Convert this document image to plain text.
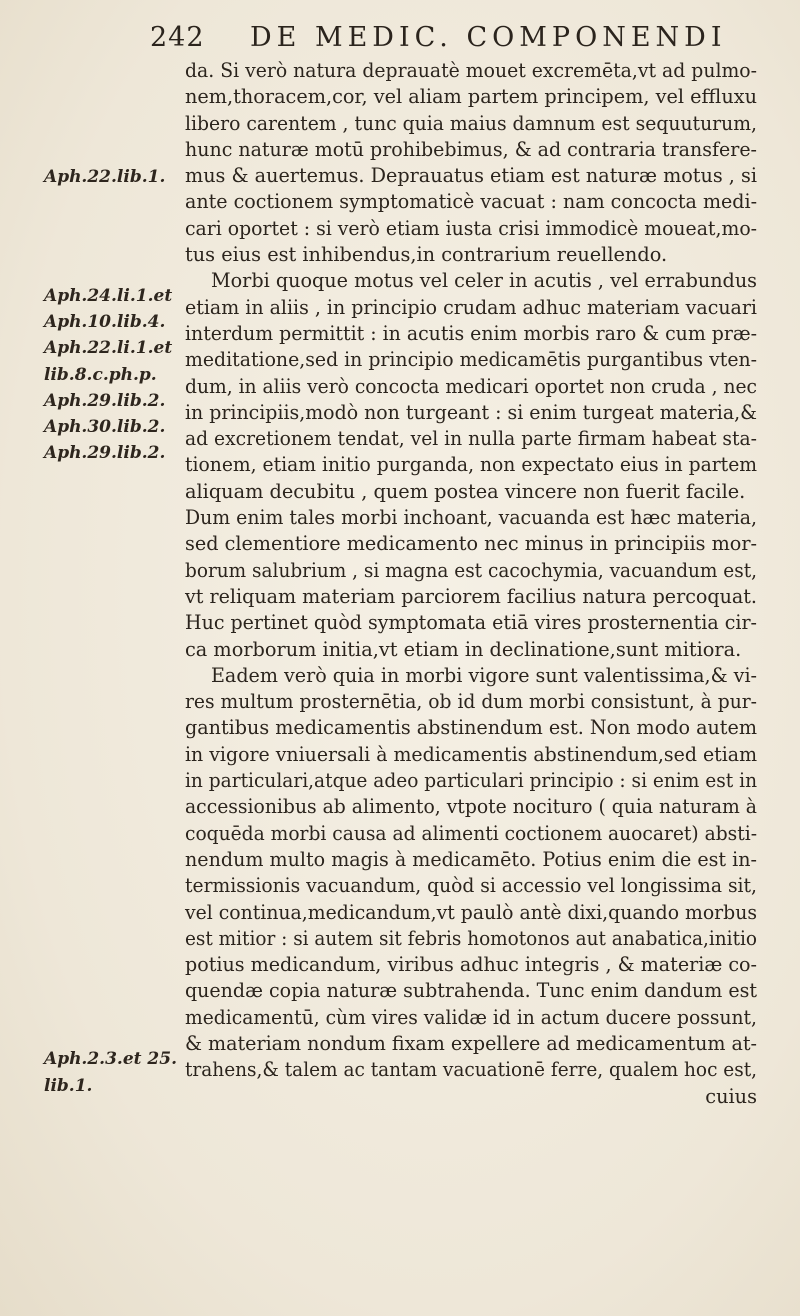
242 DE MEDIC. COMPONENDI
Aph.22.lib.1.
Aph.24.li.1.et
Aph.10.lib.4.
Aph.22.li.1.et
lib.8.c.ph.p.
Aph.29.lib.2.
Aph.30.lib.2.
Aph.29.lib.2.
Aph.2.3.et 25.
lib.1.
da. Si verò natura deprauatè mouet excremēta,vt ad pulmo-
nem,thoracem,cor, vel aliam partem principem, vel effluxu
libero carentem , tunc quia maius damnum est sequuturum,
hunc naturæ motū prohibebimus, & ad contraria transfere-
mus & auertemus. Deprauatus etiam est naturæ motus , si
ante coctionem symptomaticè vacuat : nam concocta medi-
cari oportet : si verò etiam iusta crisi immodicè moueat,mo-
tus eius est inhibendus,in contrarium reuellendo.
Morbi quoque motus vel celer in acutis , vel errabundus
etiam in aliis , in principio crudam adhuc materiam vacuari
interdum permittit : in acutis enim morbis raro & cum præ-
meditatione,sed in principio medicamētis purgantibus vten-
dum, in aliis verò concocta medicari oportet non cruda , nec
in principiis,modò non turgeant : si enim turgeat materia,&
ad excretionem tendat, vel in nulla parte firmam habeat sta-
tionem, etiam initio purganda, non expectato eius in partem
aliquam decubitu , quem postea vincere non fuerit facile.
Dum enim tales morbi inchoant, vacuanda est hæc materia,
sed clementiore medicamento nec minus in principiis mor-
borum salubrium , si magna est cacochymia, vacuandum est,
vt reliquam materiam parciorem facilius natura percoquat.
Huc pertinet quòd symptomata etiā vires prosternentia cir-
ca morborum initia,vt etiam in declinatione,sunt mitiora.
Eadem verò quia in morbi vigore sunt valentissima,& vi-
res multum prosternētia, ob id dum morbi consistunt, à pur-
gantibus medicamentis abstinendum est. Non modo autem
in vigore vniuersali à medicamentis abstinendum,sed etiam
in particulari,atque adeo particulari principio : si enim est in
accessionibus ab alimento, vtpote nocituro ( quia naturam à
coquēda morbi causa ad alimenti coctionem auocaret) absti-
nendum multo magis à medicamēto. Potius enim die est in-
termissionis vacuandum, quòd si accessio vel longissima sit,
vel continua,medicandum,vt paulò antè dixi,quando morbus
est mitior : si autem sit febris homotonos aut anabatica,initio
potius medicandum, viribus adhuc integris , & materiæ co-
quendæ copia naturæ subtrahenda. Tunc enim dandum est
medicamentū, cùm vires validæ id in actum ducere possunt,
& materiam nondum fixam expellere ad medicamentum at-
trahens,& talem ac tantam vacuationē ferre, qualem hoc est,
cuius
